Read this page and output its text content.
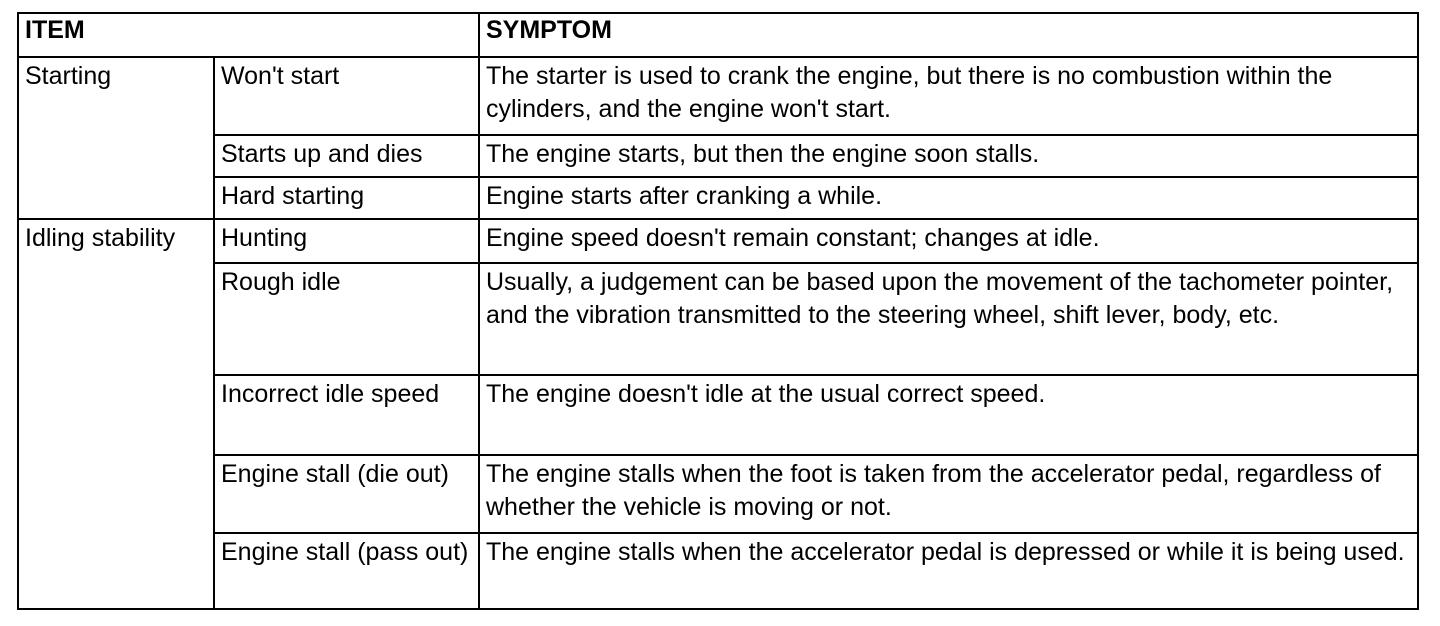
ITEM		SYMPTOM

Starting	Won't start	The starter is used to crank the engine, but there is no combustion within the cylinders, and the engine won't start.

	Starts up and dies	The engine starts, but then the engine soon stalls.

	Hard starting	Engine starts after cranking a while.

Idling stability	Hunting	Engine speed doesn't remain constant; changes at idle.

	Rough idle	Usually, a judgement can be based upon the movement of the tachometer pointer, and the vibration transmitted to the steering wheel, shift lever, body, etc.

	Incorrect idle speed	The engine doesn't idle at the usual correct speed.

	Engine stall (die out)	The engine stalls when the foot is taken from the accelerator pedal, regardless of whether the vehicle is moving or not.

	Engine stall (pass out)	The engine stalls when the accelerator pedal is depressed or while it is being used.
